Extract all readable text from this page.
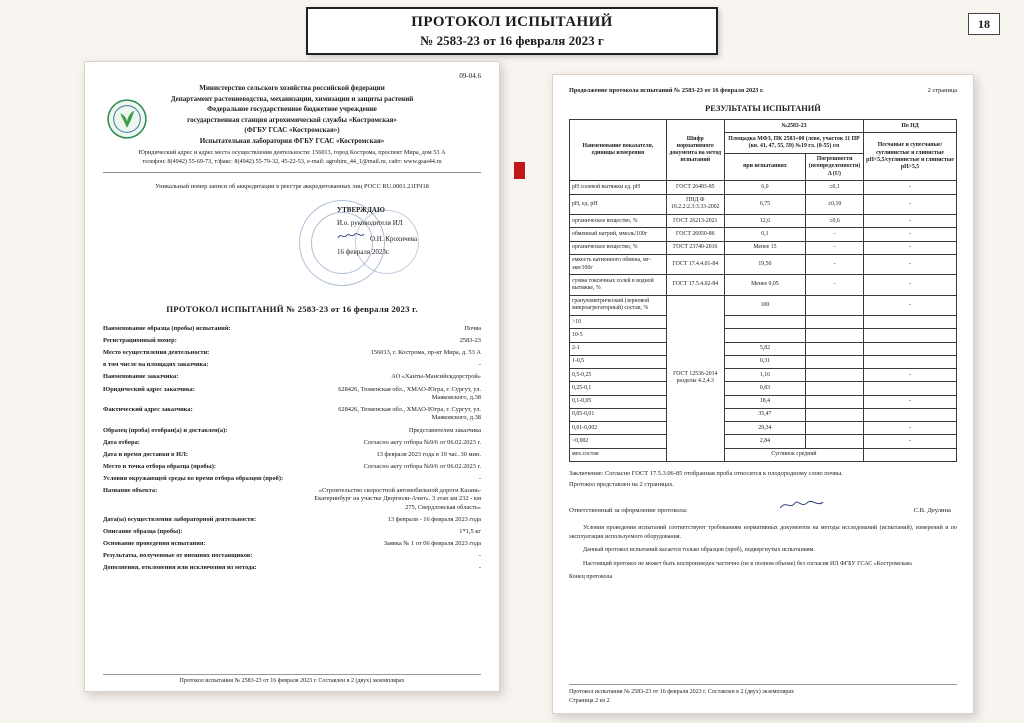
ПРОТОКОЛ ИСПЫТАНИЙ
№ 2583-23 от 16 февраля 2023 г
18
09-04.6
Министерство сельского хозяйства российской федерации
Департамент растениеводства, механизации, химизации и защиты растений
Федеральное государственное бюджетное учреждение
государственная станция агрохимической службы «Костромская»
(ФГБУ ГСАС «Костромская»)
Испытательная лаборатория ФГБУ ГСАС «Костромская»
Юридический адрес и адрес места осуществления деятельности: 156013, город Кострома, проспект Мира, дом 53 А
телефон: 8(4942) 55-69-73, т/факс: 8(4942) 55-79-32, 45-22-53, e-mail: agrohim_44_1@mail.ru, сайт: www.gsas44.ru
Уникальный номер записи об аккредитации в реестре аккредитованных лиц РОСС RU.0001.21ПЧ18
УТВЕРЖДАЮ
И.о. руководителя ИЛ
О.Н. Крохичева
16 февраля 2023г.
ПРОТОКОЛ ИСПЫТАНИЙ № 2583-23 от 16 февраля 2023 г.
Наименование образца (пробы) испытаний:	Почва
Регистрационный номер:	2583-23
Место осуществления деятельности:	156013, г. Кострома, пр-кт Мира, д. 53 А
в том числе на площадях заказчика:	-
Наименование заказчика:	АО «Ханты-Мансийскдорстрой»
Юридический адрес заказчика:	628426, Тюменская обл., ХМАО-Югра, г. Сургут, ул. Маяковского, д.38
Фактический адрес заказчика:	628426, Тюменская обл., ХМАО-Югра, г. Сургут, ул. Маяковского, д.38
Образец (проба) отобран(а) и доставлен(а):	Представителем заказчика
Дата отбора:	Согласно акту отбора №9/6 от 06.02.2023 г.
Дата и время доставки в ИЛ:	13 февраля 2023 года в 10 час. 30 мин.
Место и точка отбора образца (пробы):	Согласно акту отбора №9/6 от 06.02.2023 г.
Условия окружающей среды во время отбора образцов (проб):	-
Название объекта:	«Строительство скоростной автомобильной дороги Казань-Екатеринбург на участке Дюртюли-Ачит». 3 этап км 232 - км 275, Свердловская область»
Дата(ы) осуществления лабораторной деятельности:	13 февраля - 16 февраля 2023 года
Описание образца (пробы):	1*1,5 кг
Основание проведения испытания:	Заявка № 1 от 06 февраля 2023 года
Результаты, полученные от внешних поставщиков:	-
Дополнения, отклонения или исключения из метода:	-
Протокол испытания № 2583-23 от 16 февраля 2023 г. Составлен в 2 (двух) экземплярах
Продолжение протокола испытаний № 2583-23 от 16 февраля 2023 г.	2 страница
РЕЗУЛЬТАТЫ ИСПЫТАНИЙ
Наименование показателя, единицы измерения	Шифр нормативного документа на метод испытаний	№2583-23		По НД
		Площадка МФЗ, ПК 2583+00 (лево, участок 11 ПР (кв. 41, 47, 55, 59) №19 гл. (0-55) см		Песчаные и супесчаные/суглинистые и глинистые рН<5,5/суглинистые и глинистые рН>5,5
		при испытаниях	Погрешности (неопределенности) Δ (U)	
рН солевой вытяжки ед. рН	ГОСТ 26483-85	6,0	±0,1	-
рН, ед. рН	ПНД Ф 16.2.2:2.3:3.33-2002	6,75	±0,10	-
органическое вещество, %	ГОСТ 26213-2021	12,6	±0,6	-
обменный натрий, ммоль/100г	ГОСТ 26950-86	0,1	-	-
органическое вещество, %	ГОСТ 23740-2016	Менее 15	-	-
емкость катионного обмена, мг-экв/100г	ГОСТ 17.4.4.01-84	19,50	-	-
сумма токсичных солей в водной вытяжке, %	ГОСТ 17.5.4.02-84	Менее 0,05	-	-
гранулометрический (зерновой микроагрегаторный) состав, %	ГОСТ 12536-2014 разделы 4.2,4.3	100		-
>10				
10-5				
2-1		5,82		
1-0,5		0,31		
0,5-0,25		1,16		-
0,25-0,1		0,83		
0,1-0,05		18,4		-
0,05-0,01		35,47		
0,01-0,002		29,34		-
<0,002		2,84		-
мех.состав		Суглинок средний		
Заключение: Согласно ГОСТ 17.5.3.06-85 отобранная проба относится к плодородному слою почвы.
Протокол представлен на 2 страницах.
Ответственный за оформление протокола:	С.В. Деулина
Условия проведения испытаний соответствуют требованиям нормативных документов на методы исследований (испытаний), измерений и по эксплуатации используемого оборудования.
Данный протокол испытаний касается только образцов (проб), подвергнутых испытаниям.
Настоящий протокол не может быть воспроизведен частично (не в полном объеме) без согласия ИЛ ФГБУ ГСАС «Костромская»
Конец протокола
Протокол испытания № 2583-23 от 16 февраля 2023 г. Составлен в 2 (двух) экземплярах
Страница 2 из 2
